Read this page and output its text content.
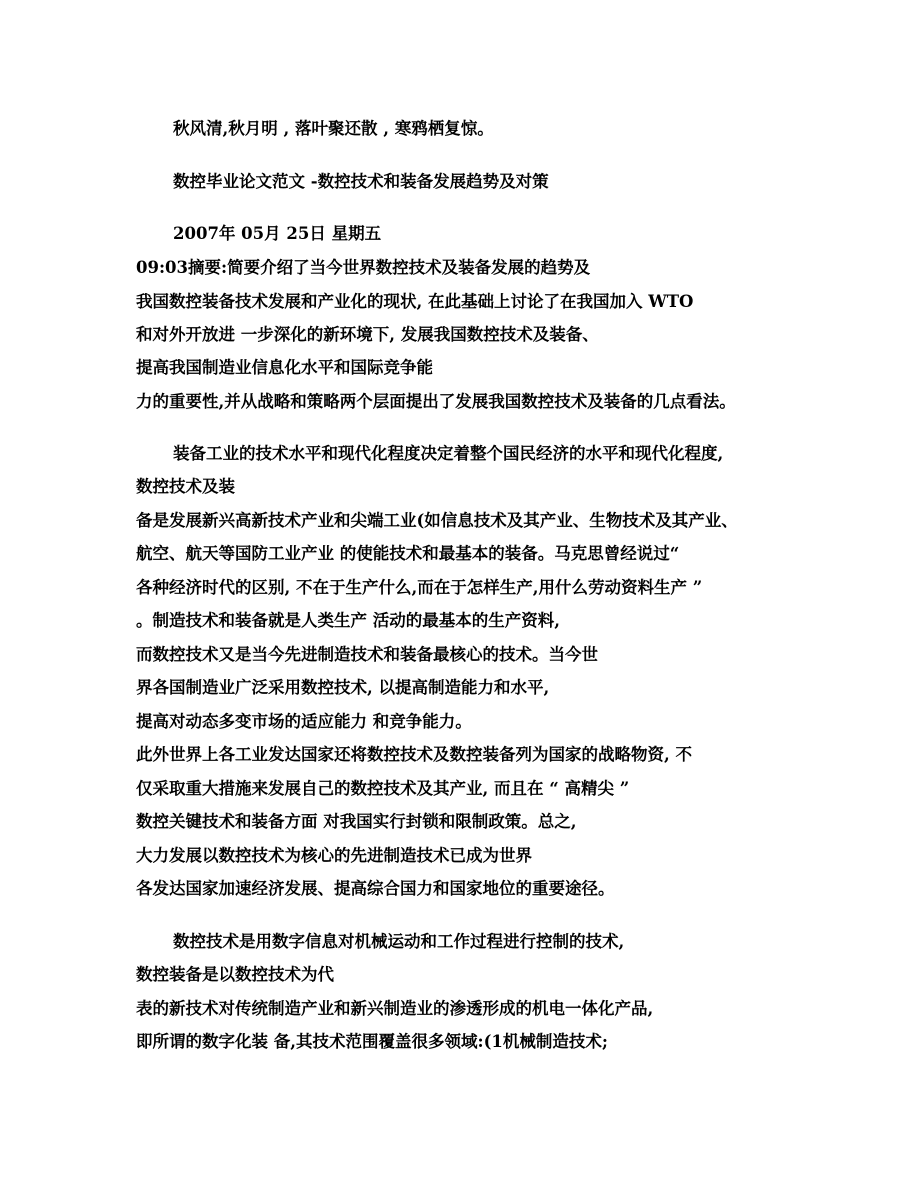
秋风清,秋月明 , 落叶聚还散 , 寒鸦栖复惊。
数控毕业论文范文 -数控技术和装备发展趋势及对策
2007年 05月 25日 星期五
09:03摘要:简要介绍了当今世界数控技术及装备发展的趋势及
我国数控装备技术发展和产业化的现状, 在此基础上讨论了在我国加入 WTO
和对外开放进 一步深化的新环境下, 发展我国数控技术及装备、
提高我国制造业信息化水平和国际竞争能
力的重要性,并从战略和策略两个层面提出了发展我国数控技术及装备的几点看法。
装备工业的技术水平和现代化程度决定着整个国民经济的水平和现代化程度,
数控技术及装
备是发展新兴高新技术产业和尖端工业(如信息技术及其产业、生物技术及其产业、
航空、航天等国防工业产业 的使能技术和最基本的装备。马克思曾经说过“
各种经济时代的区别, 不在于生产什么,而在于怎样生产,用什么劳动资料生产 ”
。制造技术和装备就是人类生产 活动的最基本的生产资料,
而数控技术又是当今先进制造技术和装备最核心的技术。当今世
界各国制造业广泛采用数控技术, 以提高制造能力和水平,
提高对动态多变市场的适应能力 和竞争能力。
此外世界上各工业发达国家还将数控技术及数控装备列为国家的战略物资, 不
仅采取重大措施来发展自己的数控技术及其产业, 而且在 “ 高精尖 ”
数控关键技术和装备方面 对我国实行封锁和限制政策。总之,
大力发展以数控技术为核心的先进制造技术已成为世界
各发达国家加速经济发展、提高综合国力和国家地位的重要途径。
数控技术是用数字信息对机械运动和工作过程进行控制的技术,
数控装备是以数控技术为代
表的新技术对传统制造产业和新兴制造业的渗透形成的机电一体化产品,
即所谓的数字化装 备,其技术范围覆盖很多领域:(1机械制造技术;
